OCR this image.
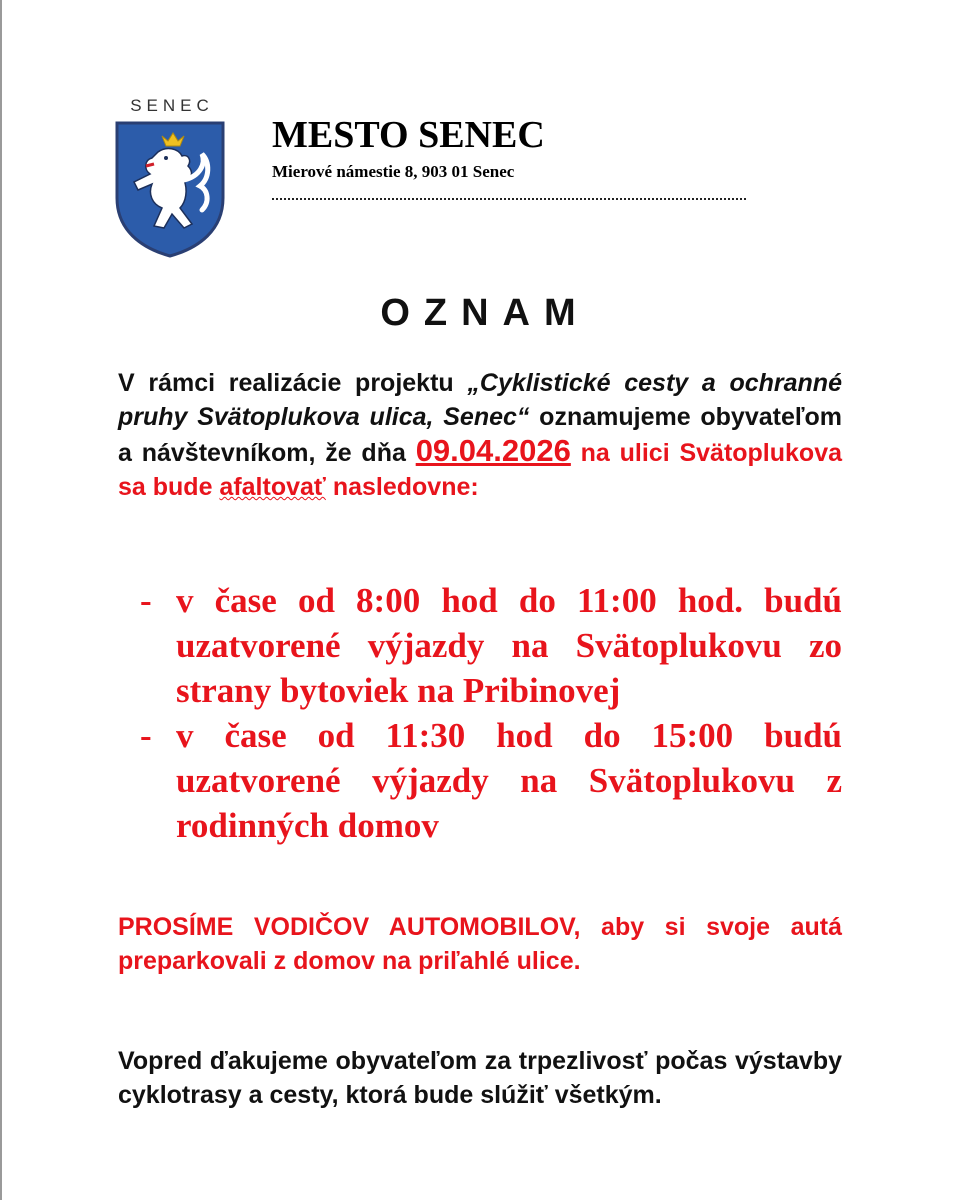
SENEC
MESTO SENEC
Mierové námestie 8, 903 01 Senec
OZNAM
V rámci realizácie projektu „Cyklistické cesty a ochranné pruhy Svätoplukova ulica, Senec“ oznamujeme obyvateľom a návštevníkom, že dňa 09.04.2026 na ulici Svätoplukova sa bude afaltovať nasledovne:
- v čase od 8:00 hod do 11:00 hod. budú uzatvorené výjazdy na Svätoplukovu zo strany bytoviek na Pribinovej
- v čase od 11:30 hod do 15:00 budú uzatvorené výjazdy na Svätoplukovu z rodinných domov
PROSÍME VODIČOV AUTOMOBILOV, aby si svoje autá preparkovali z domov na priľahlé ulice.
Vopred ďakujeme obyvateľom za trpezlivosť počas výstavby cyklotrasy a cesty, ktorá bude slúžiť všetkým.
